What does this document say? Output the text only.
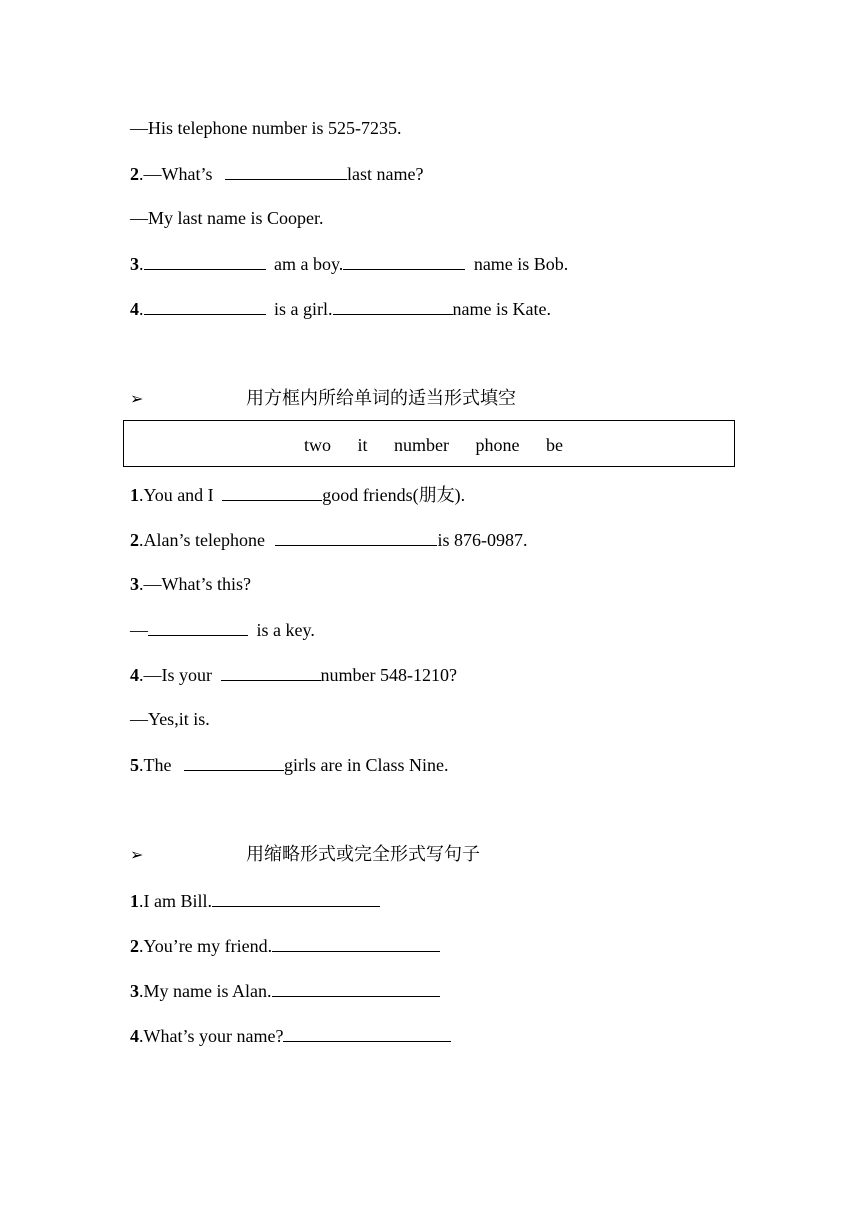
—His telephone number is 525-7235.
2.—What’s	last name?
—My last name is Cooper.
3.	am a boy.	name is Bob.
4.	is a girl.	name is Kate.
➢	用方框内所给单词的适当形式填空
two it number phone be
1.You and I	good friends(朋友).
2.Alan’s telephone	is 876-0987.
3.—What’s this?
—	is a key.
4.—Is your	number 548-1210?
—Yes,it is.
5.The	girls are in Class Nine.
➢	用缩略形式或完全形式写句子
1.I am Bill.
2.You’re my friend.
3.My name is Alan.
4.What’s your name?
